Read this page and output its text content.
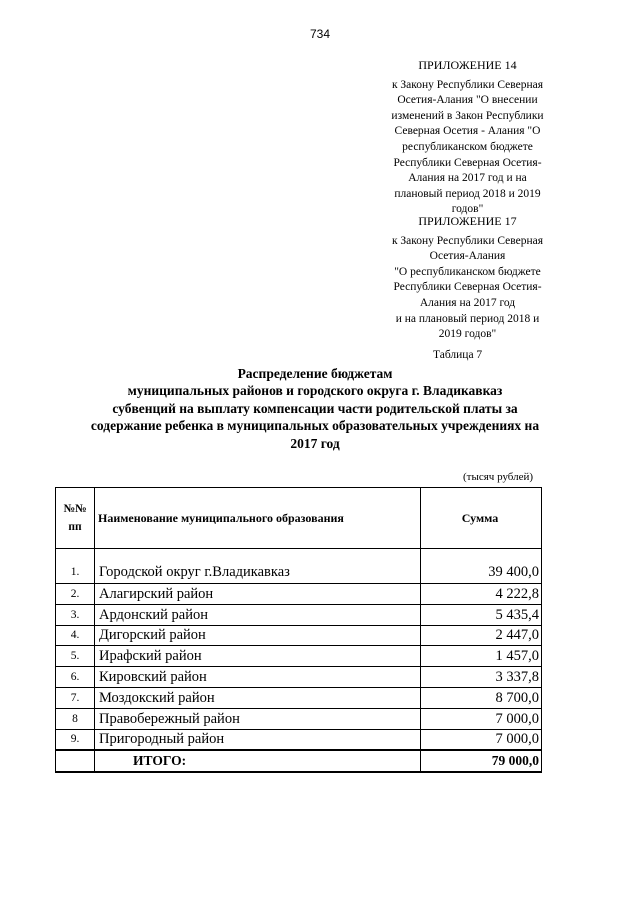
734
ПРИЛОЖЕНИЕ 14
к Закону Республики Северная
Осетия-Алания "О внесении
изменений в Закон Республики
Северная Осетия - Алания "О
республиканском бюджете
Республики Северная Осетия-
Алания на 2017 год и на
плановый период 2018 и 2019
годов"
ПРИЛОЖЕНИЕ 17
к Закону Республики Северная
Осетия-Алания
"О республиканском бюджете
Республики Северная Осетия-
Алания на 2017 год
и на плановый период 2018 и
2019 годов"
Таблица 7
Распределение бюджетам
муниципальных районов и городского округа г. Владикавказ
субвенций на выплату компенсации части родительской платы за
содержание ребенка в муниципальных образовательных учреждениях на
2017 год
(тысяч рублей)
№№ пп	Наименование муниципального образования	Сумма

1.	Городской округ г.Владикавказ	39 400,0
2.	Алагирский район	4 222,8
3.	Ардонский район	5 435,4
4.	Дигорский район	2 447,0
5.	Ирафский район	1 457,0
6.	Кировский район	3 337,8
7.	Моздокский район	8 700,0
8	Правобережный район	7 000,0
9.	Пригородный район	7 000,0
	ИТОГО:	79 000,0
